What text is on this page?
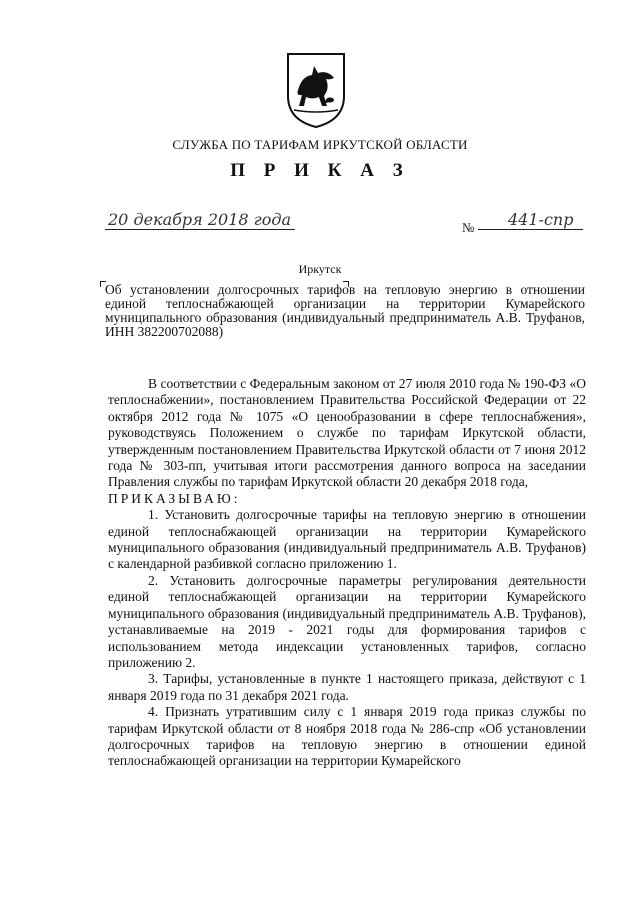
СЛУЖБА ПО ТАРИФАМ ИРКУТСКОЙ ОБЛАСТИ
П Р И К А З
20 декабря 2018 года	№ 441-спр
Иркутск
Об установлении долгосрочных тарифов на тепловую энергию в отношении единой теплоснабжающей организации на территории Кумарейского муниципального образования (индивидуальный предприниматель А.В. Труфанов, ИНН 382200702088)

В соответствии с Федеральным законом от 27 июля 2010 года № 190-ФЗ «О теплоснабжении», постановлением Правительства Российской Федерации от 22 октября 2012 года № 1075 «О ценообразовании в сфере теплоснабжения», руководствуясь Положением о службе по тарифам Иркутской области, утвержденным постановлением Правительства Иркутской области от 7 июня 2012 года № 303-пп, учитывая итоги рассмотрения данного вопроса на заседании Правления службы по тарифам Иркутской области 20 декабря 2018 года,

ПРИКАЗЫВАЮ:

1. Установить долгосрочные тарифы на тепловую энергию в отношении единой теплоснабжающей организации на территории Кумарейского муниципального образования (индивидуальный предприниматель А.В. Труфанов) с календарной разбивкой согласно приложению 1.

2. Установить долгосрочные параметры регулирования деятельности единой теплоснабжающей организации на территории Кумарейского муниципального образования (индивидуальный предприниматель А.В. Труфанов), устанавливаемые на 2019 - 2021 годы для формирования тарифов с использованием метода индексации установленных тарифов, согласно приложению 2.

3. Тарифы, установленные в пункте 1 настоящего приказа, действуют с 1 января 2019 года по 31 декабря 2021 года.

4. Признать утратившим силу с 1 января 2019 года приказ службы по тарифам Иркутской области от 8 ноября 2018 года № 286-спр «Об установлении долгосрочных тарифов на тепловую энергию в отношении единой теплоснабжающей организации на территории Кумарейского
